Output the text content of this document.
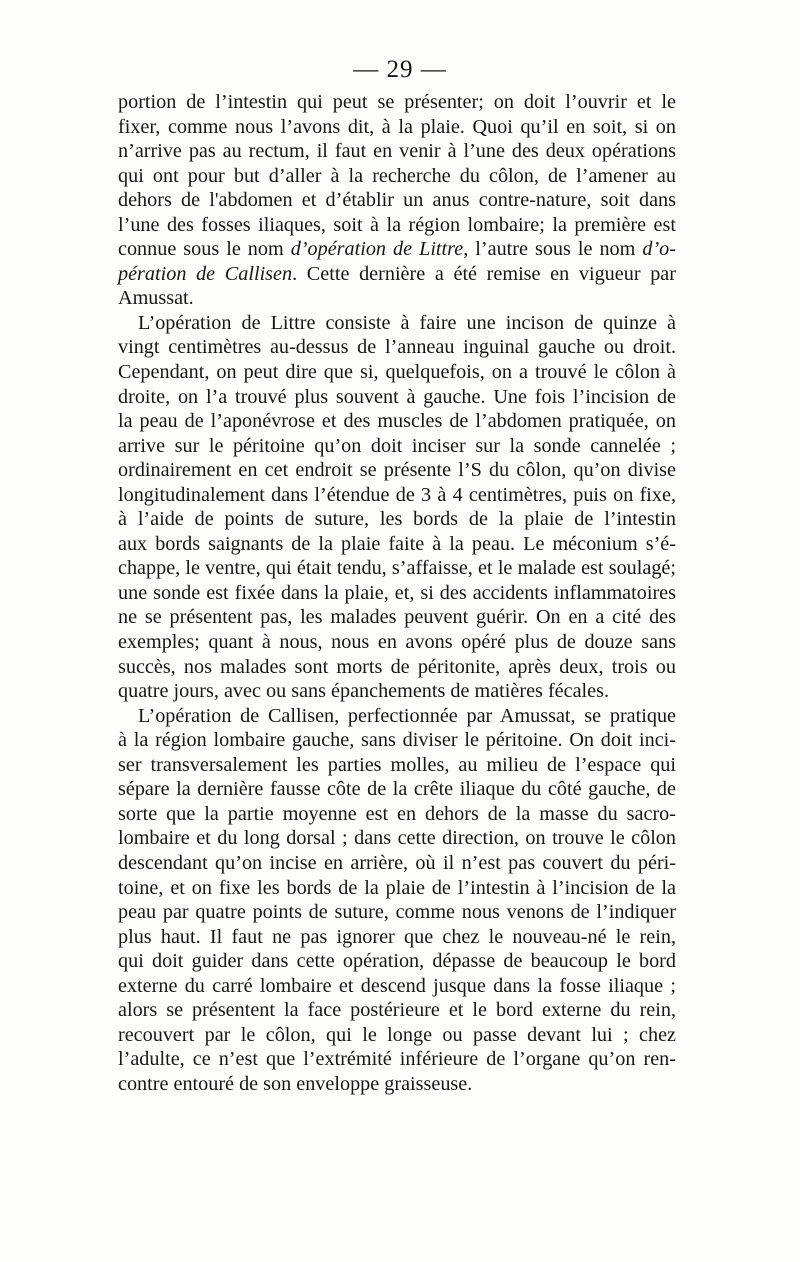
— 29 —
portion de l’intestin qui peut se présenter; on doit l’ouvrir et le
fixer, comme nous l’avons dit, à la plaie. Quoi qu’il en soit, si on
n’arrive pas au rectum, il faut en venir à l’une des deux opérations
qui ont pour but d’aller à la recherche du côlon, de l’amener au
dehors de l'abdomen et d’établir un anus contre-nature, soit dans
l’une des fosses iliaques, soit à la région lombaire; la première est
connue sous le nom d’opération de Littre, l’autre sous le nom d’o-
pération de Callisen. Cette dernière a été remise en vigueur par
Amussat.
L’opération de Littre consiste à faire une incison de quinze à
vingt centimètres au-dessus de l’anneau inguinal gauche ou droit.
Cependant, on peut dire que si, quelquefois, on a trouvé le côlon à
droite, on l’a trouvé plus souvent à gauche. Une fois l’incision de
la peau de l’aponévrose et des muscles de l’abdomen pratiquée, on
arrive sur le péritoine qu’on doit inciser sur la sonde cannelée ;
ordinairement en cet endroit se présente l’S du côlon, qu’on divise
longitudinalement dans l’étendue de 3 à 4 centimètres, puis on fixe,
à l’aide de points de suture, les bords de la plaie de l’intestin
aux bords saignants de la plaie faite à la peau. Le méconium s’é-
chappe, le ventre, qui était tendu, s’affaisse, et le malade est soulagé;
une sonde est fixée dans la plaie, et, si des accidents inflammatoires
ne se présentent pas, les malades peuvent guérir. On en a cité des
exemples; quant à nous, nous en avons opéré plus de douze sans
succès, nos malades sont morts de péritonite, après deux, trois ou
quatre jours, avec ou sans épanchements de matières fécales.
L’opération de Callisen, perfectionnée par Amussat, se pratique
à la région lombaire gauche, sans diviser le péritoine. On doit inci-
ser transversalement les parties molles, au milieu de l’espace qui
sépare la dernière fausse côte de la crête iliaque du côté gauche, de
sorte que la partie moyenne est en dehors de la masse du sacro-
lombaire et du long dorsal ; dans cette direction, on trouve le côlon
descendant qu’on incise en arrière, où il n’est pas couvert du péri-
toine, et on fixe les bords de la plaie de l’intestin à l’incision de la
peau par quatre points de suture, comme nous venons de l’indiquer
plus haut. Il faut ne pas ignorer que chez le nouveau-né le rein,
qui doit guider dans cette opération, dépasse de beaucoup le bord
externe du carré lombaire et descend jusque dans la fosse iliaque ;
alors se présentent la face postérieure et le bord externe du rein,
recouvert par le côlon, qui le longe ou passe devant lui ; chez
l’adulte, ce n’est que l’extrémité inférieure de l’organe qu’on ren-
contre entouré de son enveloppe graisseuse.
